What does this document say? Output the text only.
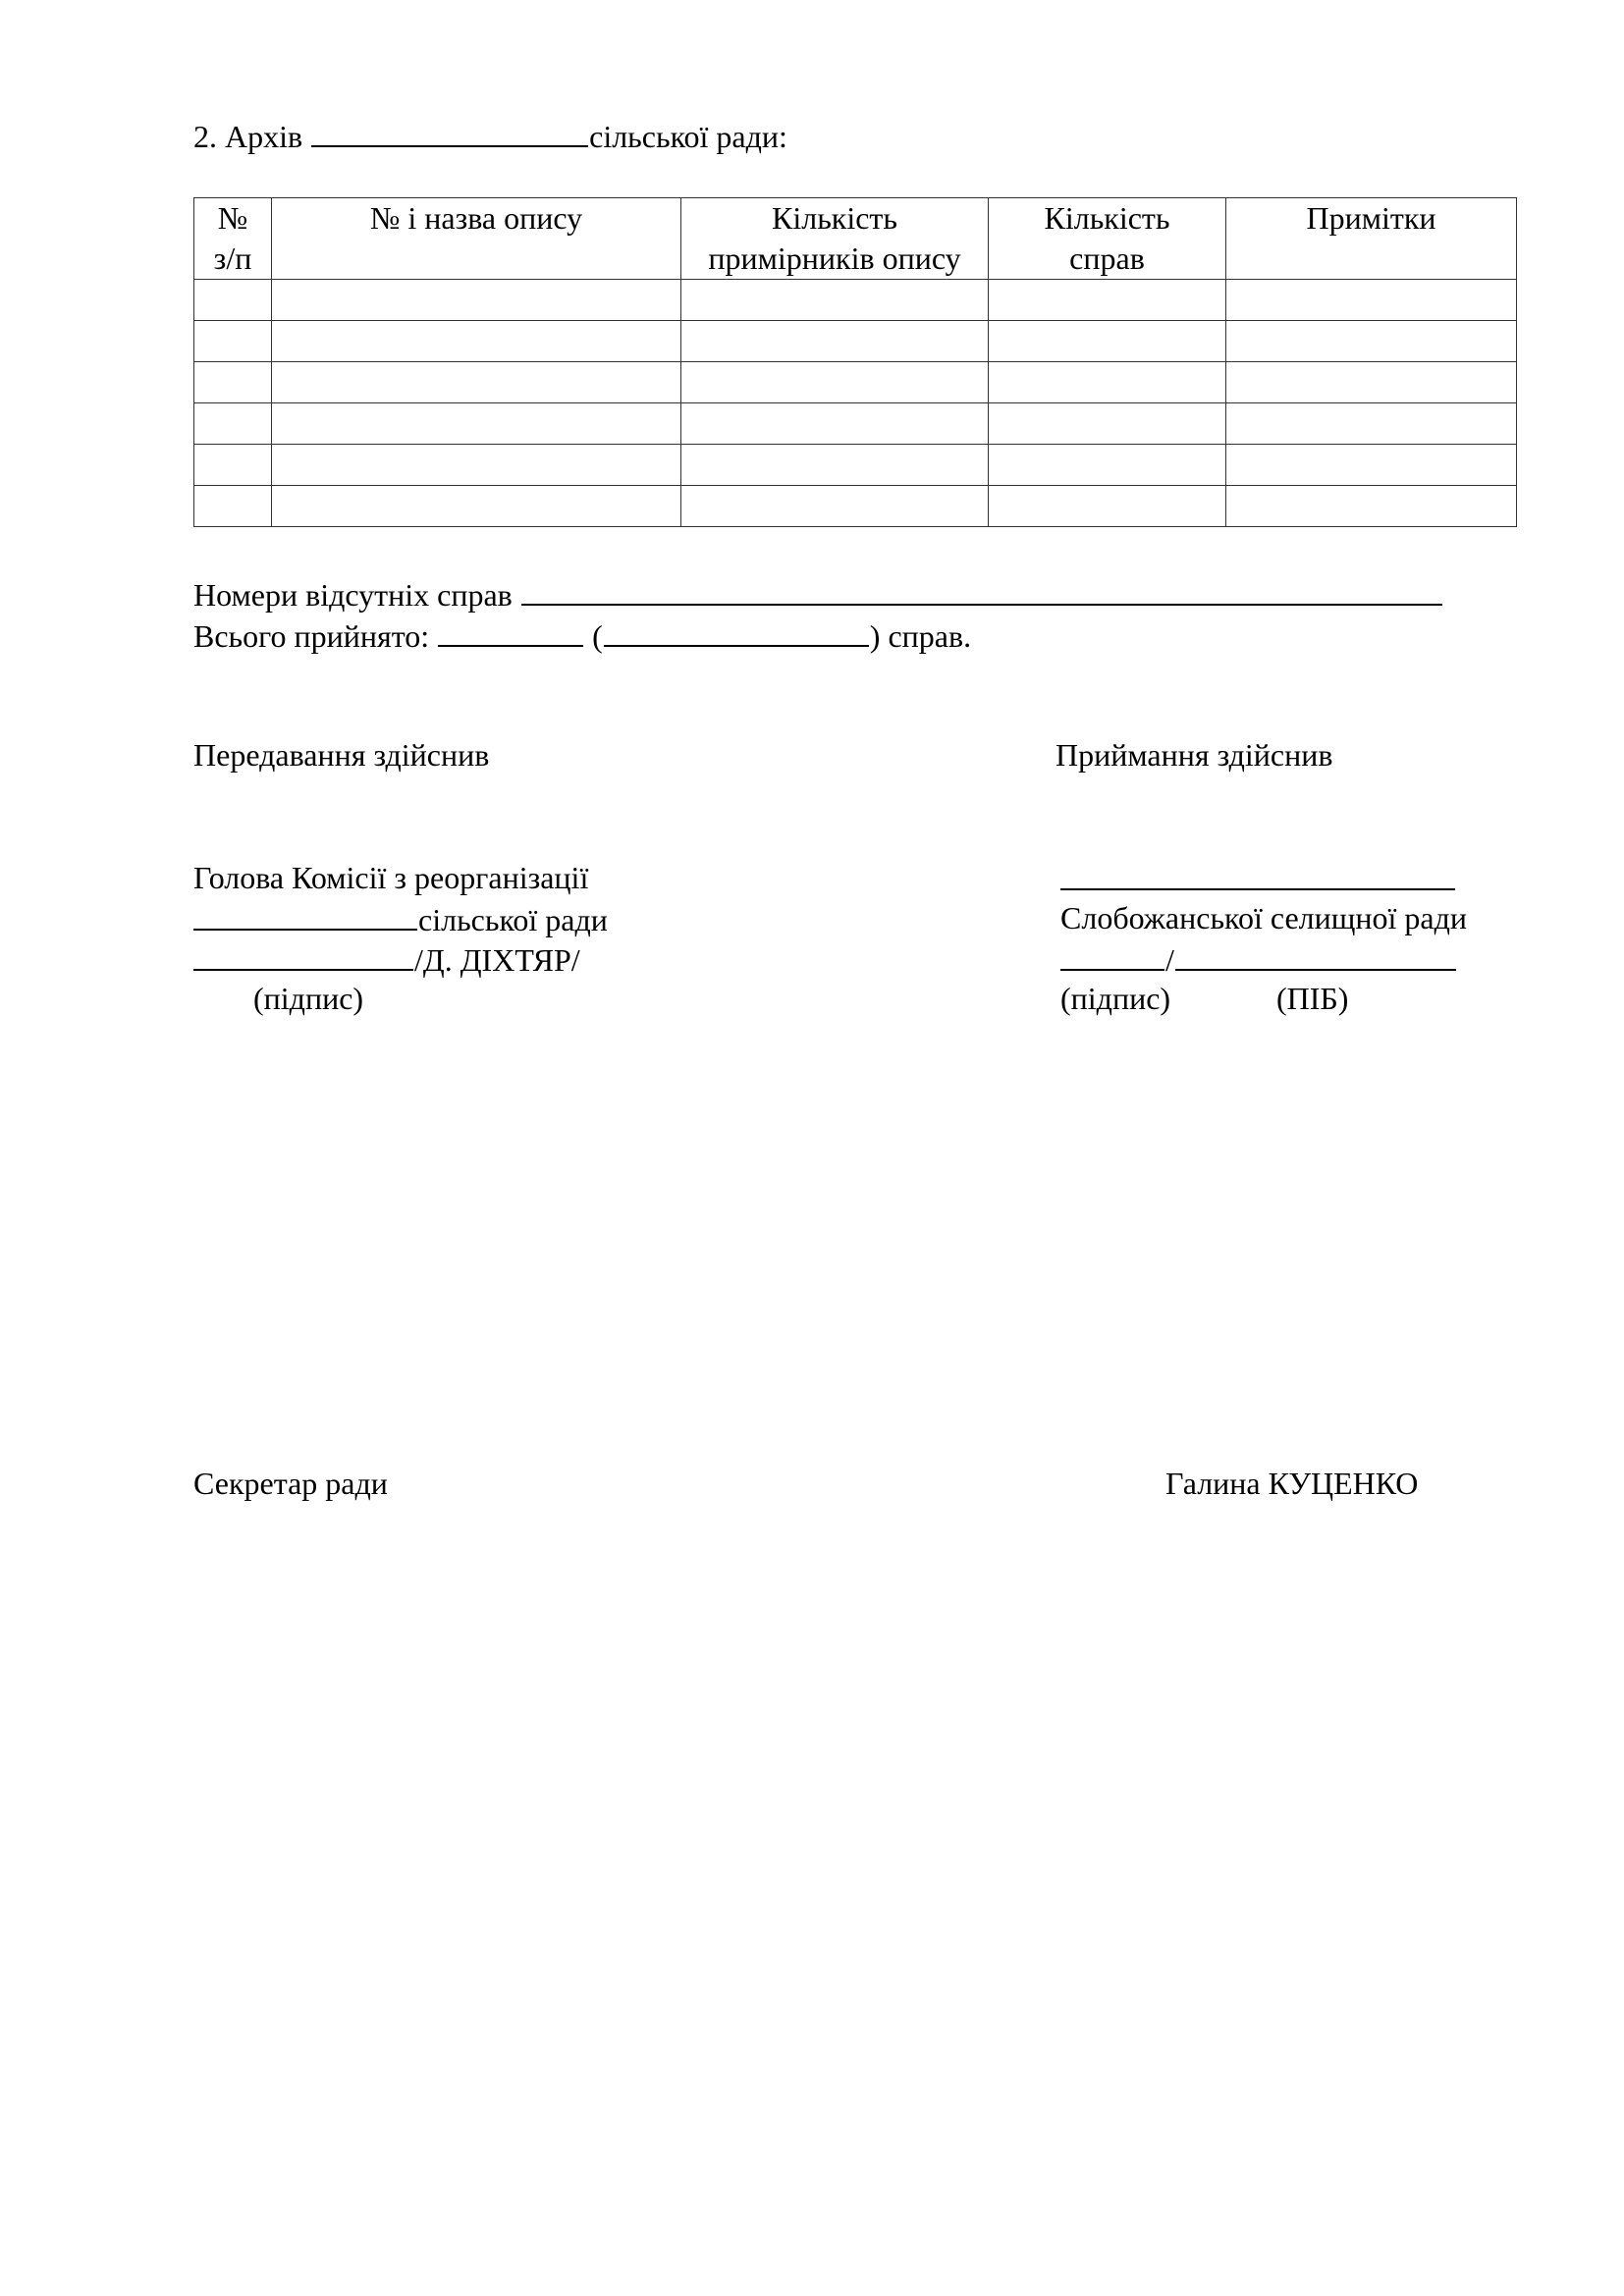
2. Архів	сільської ради:
№ з/п	№ і назва опису	Кількість примірників опису	Кількість справ	Примітки

Номери відсутніх справ
Всього прийнято:	(	) справ.
Передавання здійснив
Голова Комісії з реорганізації
сільської ради
/Д. ДІХТЯР/
(підпис)
Приймання здійснив
Слобожанської селищної ради
/
(підпис)	(ПІБ)
Секретар ради	Галина КУЦЕНКО
